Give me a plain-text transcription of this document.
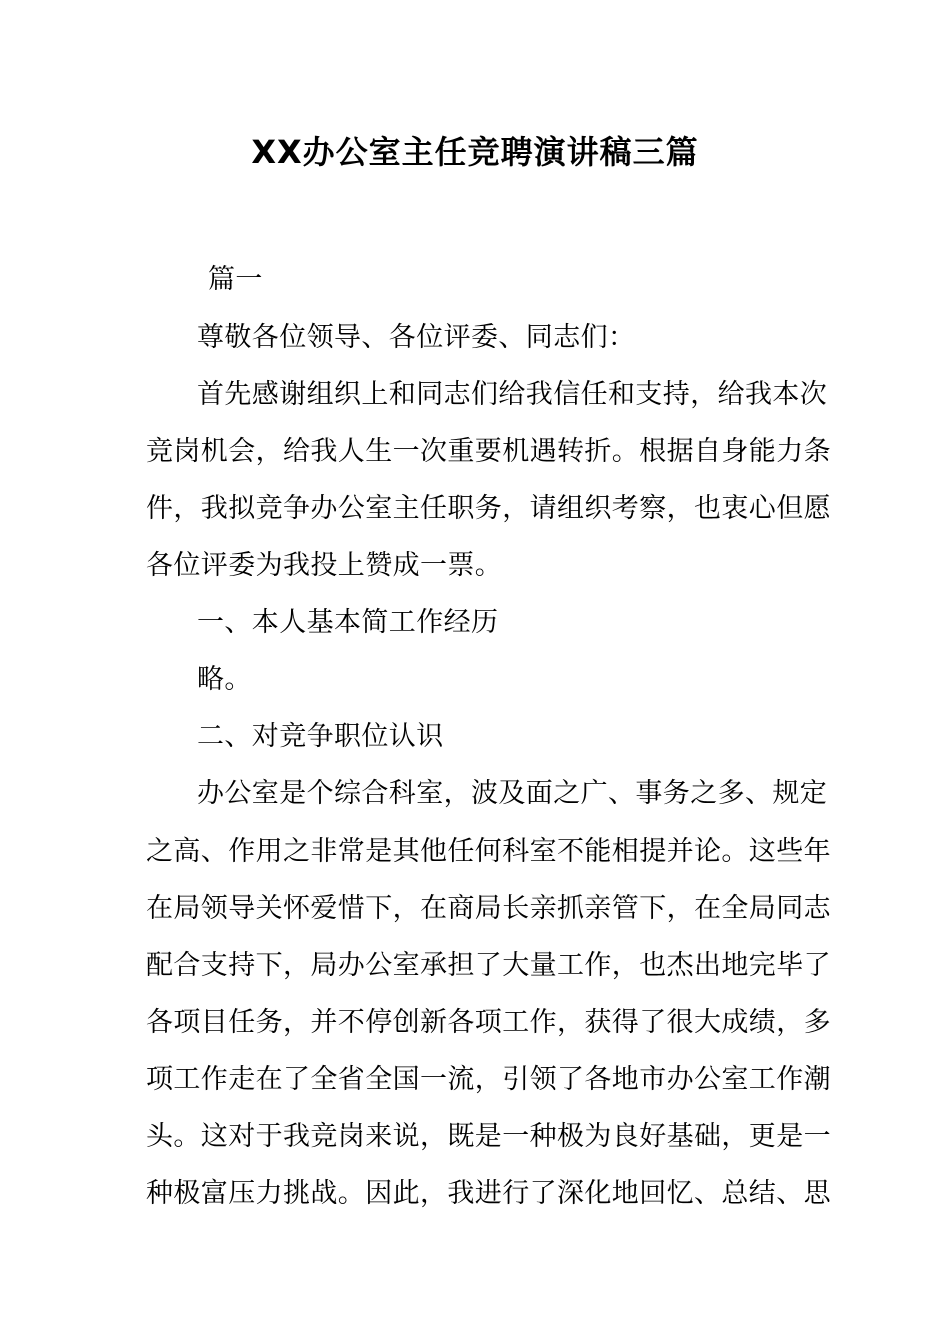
XX办公室主任竞聘演讲稿三篇
篇一
尊敬各位领导、各位评委、同志们：
首先感谢组织上和同志们给我信任和支持，给我本次
竞岗机会，给我人生一次重要机遇转折。根据自身能力条
件，我拟竞争办公室主任职务，请组织考察，也衷心但愿
各位评委为我投上赞成一票。
一、本人基本简工作经历
略。
二、对竞争职位认识
办公室是个综合科室，波及面之广、事务之多、规定
之高、作用之非常是其他任何科室不能相提并论。这些年
在局领导关怀爱惜下，在商局长亲抓亲管下，在全局同志
配合支持下，局办公室承担了大量工作，也杰出地完毕了
各项目任务，并不停创新各项工作，获得了很大成绩，多
项工作走在了全省全国一流，引领了各地市办公室工作潮
头。这对于我竞岗来说，既是一种极为良好基础，更是一
种极富压力挑战。因此，我进行了深化地回忆、总结、思
